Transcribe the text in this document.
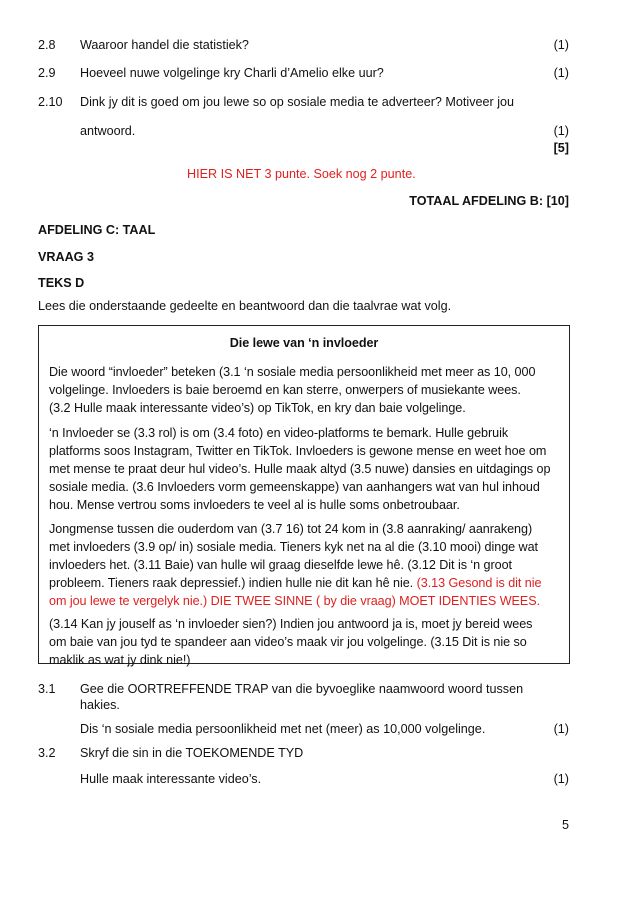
2.8 Waaroor handel die statistiek?	(1)
2.9 Hoeveel nuwe volgelinge kry Charli d’Amelio elke uur?	(1)
2.10 Dink jy dit is goed om jou lewe so op sosiale media te adverteer? Motiveer jou
antwoord.	(1)
[5]
HIER IS NET 3 punte. Soek nog 2 punte.
TOTAAL AFDELING B: [10]
AFDELING C: TAAL
VRAAG 3
TEKS D
Lees die onderstaande gedeelte en beantwoord dan die taalvrae wat volg.
Die lewe van ‘n invloeder
Die woord “invloeder” beteken (3.1 ‘n sosiale media persoonlikheid met meer as 10, 000
volgelinge. Invloeders is baie beroemd en kan sterre, onwerpers of musiekante wees.
(3.2 Hulle maak interessante video’s) op TikTok, en kry dan baie volgelinge.
‘n Invloeder se (3.3 rol) is om (3.4 foto) en video-platforms te bemark. Hulle gebruik
platforms soos Instagram, Twitter en TikTok. Invloeders is gewone mense en weet hoe om
met mense te praat deur hul video’s. Hulle maak altyd (3.5 nuwe) dansies en uitdagings op
sosiale media. (3.6 Invloeders vorm gemeenskappe) van aanhangers wat van hul inhoud
hou. Mense vertrou soms invloeders te veel al is hulle soms onbetroubaar.
Jongmense tussen die ouderdom van (3.7 16) tot 24 kom in (3.8 aanraking/ aanrakeng)
met invloeders (3.9 op/ in) sosiale media. Tieners kyk net na al die (3.10 mooi) dinge wat
invloeders het. (3.11 Baie) van hulle wil graag dieselfde lewe hê. (3.12 Dit is ‘n groot
probleem. Tieners raak depressief.) indien hulle nie dit kan hê nie. (3.13 Gesond is dit nie
om jou lewe te vergelyk nie.) DIE TWEE SINNE ( by die vraag) MOET IDENTIES WEES.
(3.14 Kan jy jouself as ‘n invloeder sien?) Indien jou antwoord ja is, moet jy bereid wees
om baie van jou tyd te spandeer aan video’s maak vir jou volgelinge. (3.15 Dit is nie so
maklik as wat jy dink nie!)
3.1 Gee die OORTREFFENDE TRAP van die byvoeglike naamwoord woord tussen
hakies.
Dis ‘n sosiale media persoonlikheid met net (meer) as 10,000 volgelinge.	(1)
3.2 Skryf die sin in die TOEKOMENDE TYD
Hulle maak interessante video’s.	(1)
5
